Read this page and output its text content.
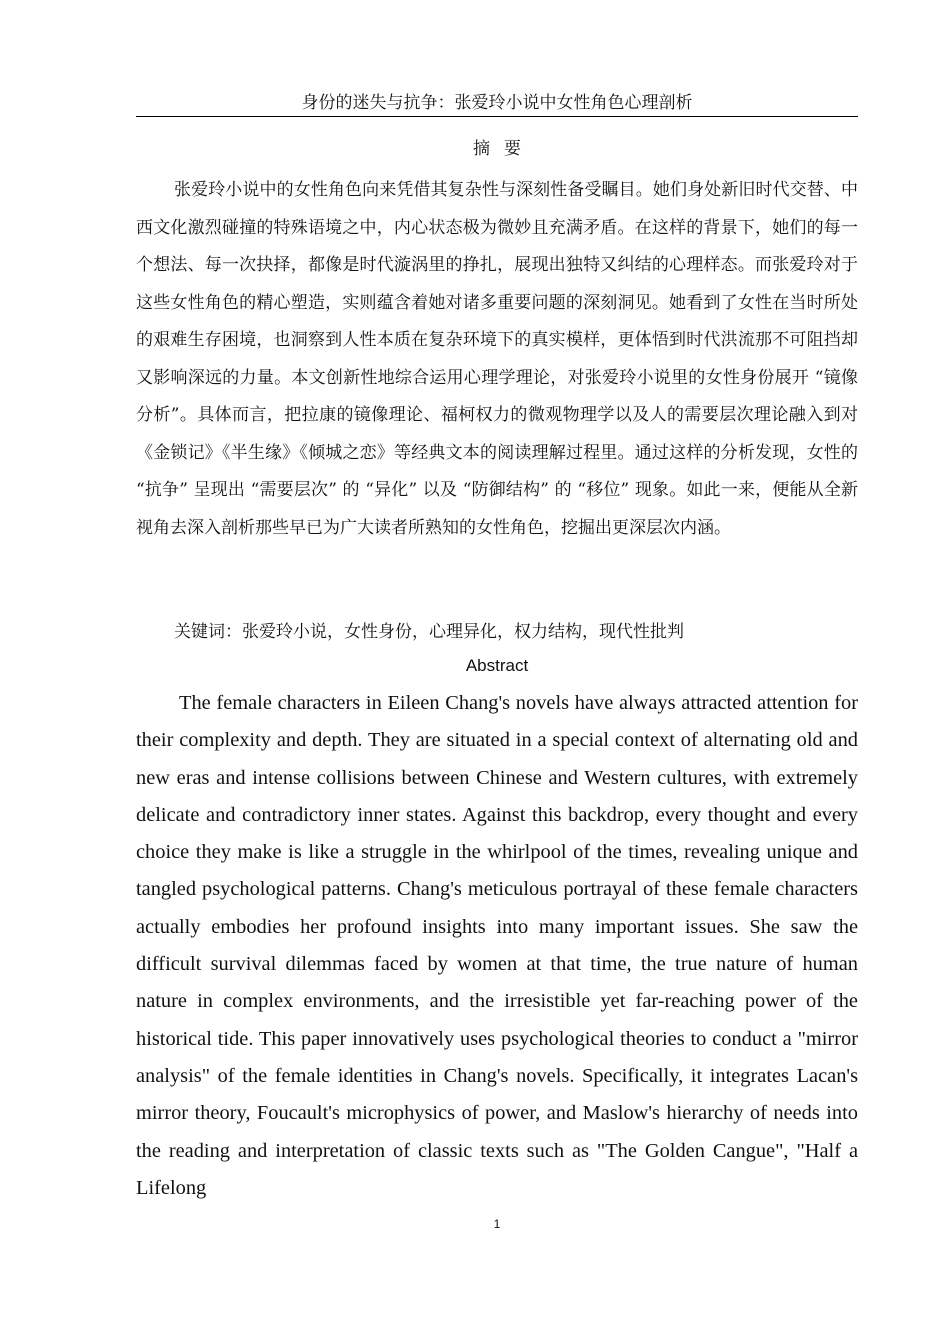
身份的迷失与抗争：张爱玲小说中女性角色心理剖析
摘要

张爱玲小说中的女性角色向来凭借其复杂性与深刻性备受瞩目。她们身处新旧时代交替、中西文化激烈碰撞的特殊语境之中，内心状态极为微妙且充满矛盾。在这样的背景下，她们的每一个想法、每一次抉择，都像是时代漩涡里的挣扎，展现出独特又纠结的心理样态。而张爱玲对于这些女性角色的精心塑造，实则蕴含着她对诸多重要问题的深刻洞见。她看到了女性在当时所处的艰难生存困境，也洞察到人性本质在复杂环境下的真实模样，更体悟到时代洪流那不可阻挡却又影响深远的力量。本文创新性地综合运用心理学理论，对张爱玲小说里的女性身份展开 “镜像分析”。具体而言，把拉康的镜像理论、福柯权力的微观物理学以及人的需要层次理论融入到对《金锁记》《半生缘》《倾城之恋》等经典文本的阅读理解过程里。通过这样的分析发现，女性的 “抗争” 呈现出 “需要层次” 的 “异化” 以及 “防御结构” 的 “移位” 现象。如此一来，便能从全新视角去深入剖析那些早已为广大读者所熟知的女性角色，挖掘出更深层次内涵。

关键词：张爱玲小说，女性身份，心理异化，权力结构，现代性批判

Abstract

The female characters in Eileen Chang's novels have always attracted attention for their complexity and depth. They are situated in a special context of alternating old and new eras and intense collisions between Chinese and Western cultures, with extremely delicate and contradictory inner states. Against this backdrop, every thought and every choice they make is like a struggle in the whirlpool of the times, revealing unique and tangled psychological patterns. Chang's meticulous portrayal of these female characters actually embodies her profound insights into many important issues. She saw the difficult survival dilemmas faced by women at that time, the true nature of human nature in complex environments, and the irresistible yet far-reaching power of the historical tide. This paper innovatively uses psychological theories to conduct a "mirror analysis" of the female identities in Chang's novels. Specifically, it integrates Lacan's mirror theory, Foucault's microphysics of power, and Maslow's hierarchy of needs into the reading and interpretation of classic texts such as "The Golden Cangue", "Half a Lifelong

1
